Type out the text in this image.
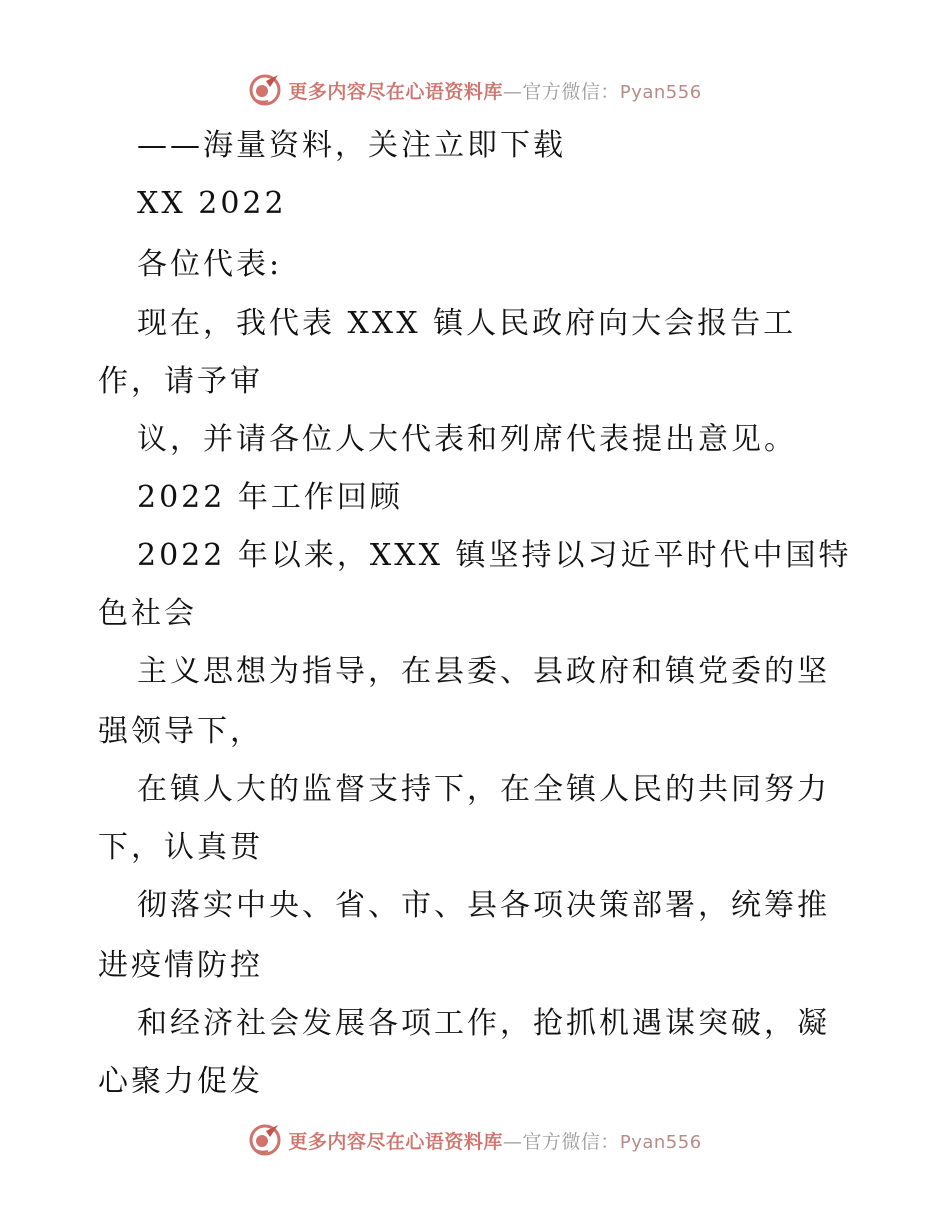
更多内容尽在心语资料库—官方微信：Pyan556
——海量资料，关注立即下载
XX 2022
各位代表:
现在，我代表 XXX 镇人民政府向大会报告工
作，请予审
议，并请各位人大代表和列席代表提出意见。
2022 年工作回顾
2022 年以来，XXX 镇坚持以习近平时代中国特
色社会
主义思想为指导，在县委、县政府和镇党委的坚
强领导下，
在镇人大的监督支持下，在全镇人民的共同努力
下，认真贯
彻落实中央、省、市、县各项决策部署，统筹推
进疫情防控
和经济社会发展各项工作，抢抓机遇谋突破，凝
心聚力促发
更多内容尽在心语资料库—官方微信：Pyan556
